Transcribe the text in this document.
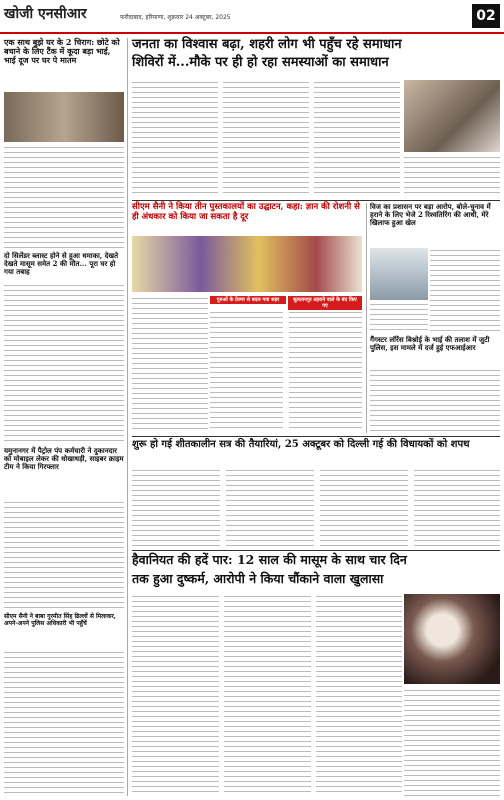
खोजी एनसीआर	फरीदाबाद, हरियाणा, शुक्रवार 24 अक्टूबर, 2025	02
एक साथ बुझे घर के 2 चिराग: छोटे को बचाने के लिए टैंक में कूदा बड़ा भाई, भाई दूज पर घर पे मातम
दो सिलेंडर ब्लास्ट होने से हुआ धमाका, देखते देखते मासूम समेत 2 की मौत... पूरा घर हो गया तबाह
यमुनानगर में पैट्रोल पंप कर्मचारी ने दुकानदार को मोबाइल लेकर की धोखाधड़ी, साइबर क्राइम टीम ने किया गिरफ्तार
सीएम सैनी ने बाबा गुरमीत सिंह ढिल्लों से मिलाकर, अपने-अपने पुलिस अधिकारी भी पहुँचें
जनता का विश्वास बढ़ा, शहरी लोग भी पहुँच रहे समाधान
शिविरों में...मौके पर ही हो रहा समस्याओं का समाधान
सीएम सैनी ने किया तीन पुस्तकालयों का उद्घाटन, कहा: ज्ञान की रोशनी से ही अंधकार को किया जा सकता है दूर
गुरुओं के प्रेरणा से बदल गया शहर	सुलतानपुर ठहराने वाले के बंद किए गए
विज का प्रशासन पर बड़ा आरोप, बोले-चुनाव में हराने के लिए भेजे 2 रिश्वतिरिंग की आधी, मेरे खिलाफ हुआ खेल
गैंगस्टर लॉरेंस बिश्नोई के भाई की तलाश में जुटी पुलिस, इस मामले में दर्ज हुई एफआईआर
शुरू हो गई शीतकालीन सत्र की तैयारियां, 25 अक्टूबर को दिल्ली गई की विधायकों को शपथ
हैवानियत की हदें पार: 12 साल की मासूम के साथ चार दिन
तक हुआ दुष्कर्म, आरोपी ने किया चौंकाने वाला खुलासा
